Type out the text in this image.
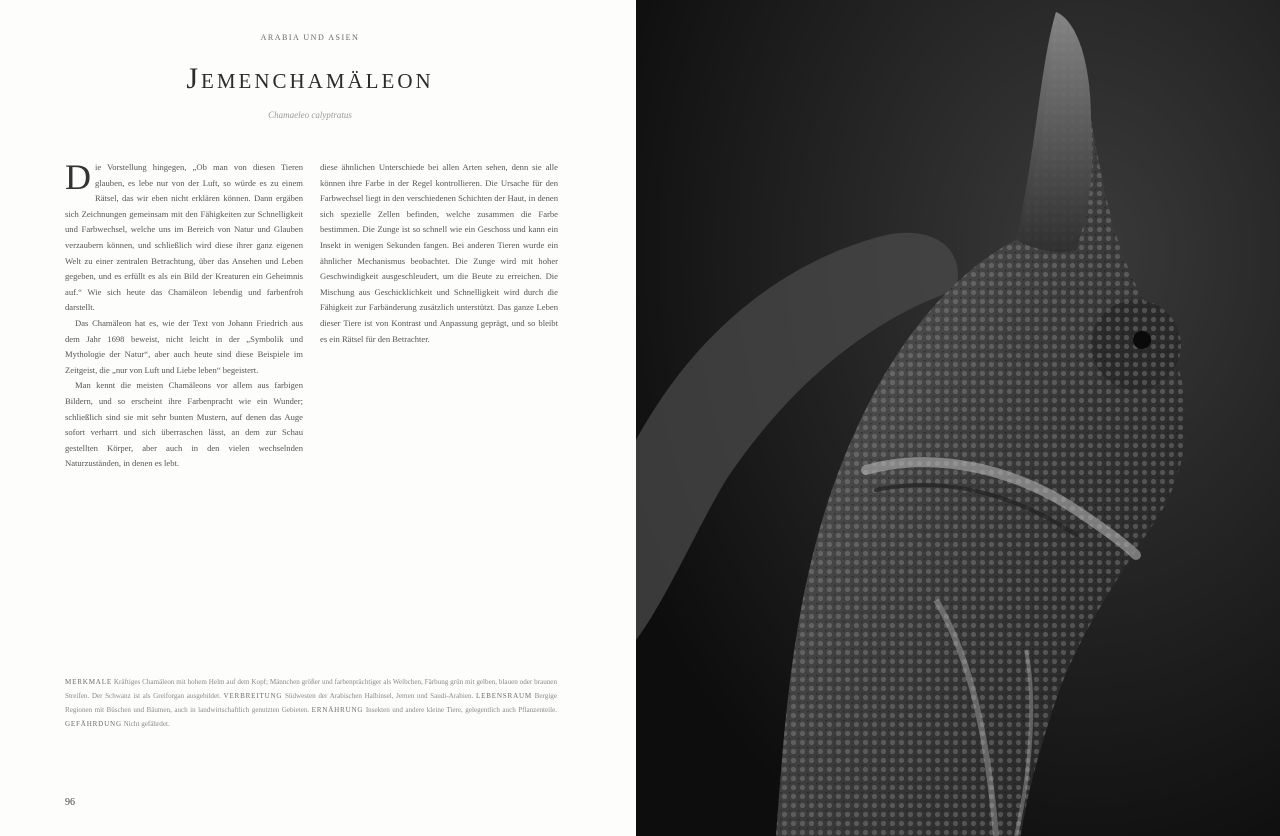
ARABIA UND ASIEN
Jemenchamäleon
Chamaeleo calyptratus

Die Vorstellung hingegen, „Ob man von diesen Tieren glauben, es lebe nur von der Luft, so würde es zu einem Rätsel, das wir eben nicht erklären können. Dann ergäben sich Zeichnungen gemeinsam mit den Fähigkeiten zur Schnelligkeit und Farbwechsel, welche uns im Bereich von Natur und Glauben verzaubern können, und schließlich wird diese ihrer ganz eigenen Welt zu einer zentralen Betrachtung, über das Ansehen und Leben gegeben, und es erfüllt es als ein Bild der Kreaturen ein Geheimnis auf.“ Wie sich heute das Chamäleon lebendig und farbenfroh darstellt.

Das Chamäleon hat es, wie der Text von Johann Friedrich aus dem Jahr 1698 beweist, nicht leicht in der „Symbolik und Mythologie der Natur“, aber auch heute sind diese Beispiele im Zeitgeist, die „nur von Luft und Liebe leben“ begeistert.

Man kennt die meisten Chamäleons vor allem aus farbigen Bildern, und so erscheint ihre Farbenpracht wie ein Wunder; schließlich sind sie mit sehr bunten Mustern, auf denen das Auge sofort verharrt und sich überraschen lässt, an dem zur Schau gestellten Körper, aber auch in den vielen wechselnden Naturzuständen, in denen es lebt.

diese ähnlichen Unterschiede bei allen Arten sehen, denn sie alle können ihre Farbe in der Regel kontrollieren. Die Ursache für den Farbwechsel liegt in den verschiedenen Schichten der Haut, in denen sich spezielle Zellen befinden, welche zusammen die Farbe bestimmen. Die Zunge ist so schnell wie ein Geschoss und kann ein Insekt in wenigen Sekunden fangen. Bei anderen Tieren wurde ein ähnlicher Mechanismus beobachtet. Die Zunge wird mit hoher Geschwindigkeit ausgeschleudert, um die Beute zu erreichen. Die Mischung aus Geschicklichkeit und Schnelligkeit wird durch die Fähigkeit zur Farbänderung zusätzlich unterstützt. Das ganze Leben dieser Tiere ist von Kontrast und Anpassung geprägt, und so bleibt es ein Rätsel für den Betrachter.

MERKMALE Kräftiges Chamäleon mit hohem Helm auf dem Kopf; Männchen größer und farbenprächtiger als Weibchen, Färbung grün mit gelben, blauen oder braunen Streifen. Der Schwanz ist als Greiforgan ausgebildet. VERBREITUNG Südwesten der Arabischen Halbinsel, Jemen und Saudi-Arabien. LEBENSRAUM Bergige Regionen mit Büschen und Bäumen, auch in landwirtschaftlich genutzten Gebieten. ERNÄHRUNG Insekten und andere kleine Tiere, gelegentlich auch Pflanzenteile. GEFÄHRDUNG Nicht gefährdet.
96
